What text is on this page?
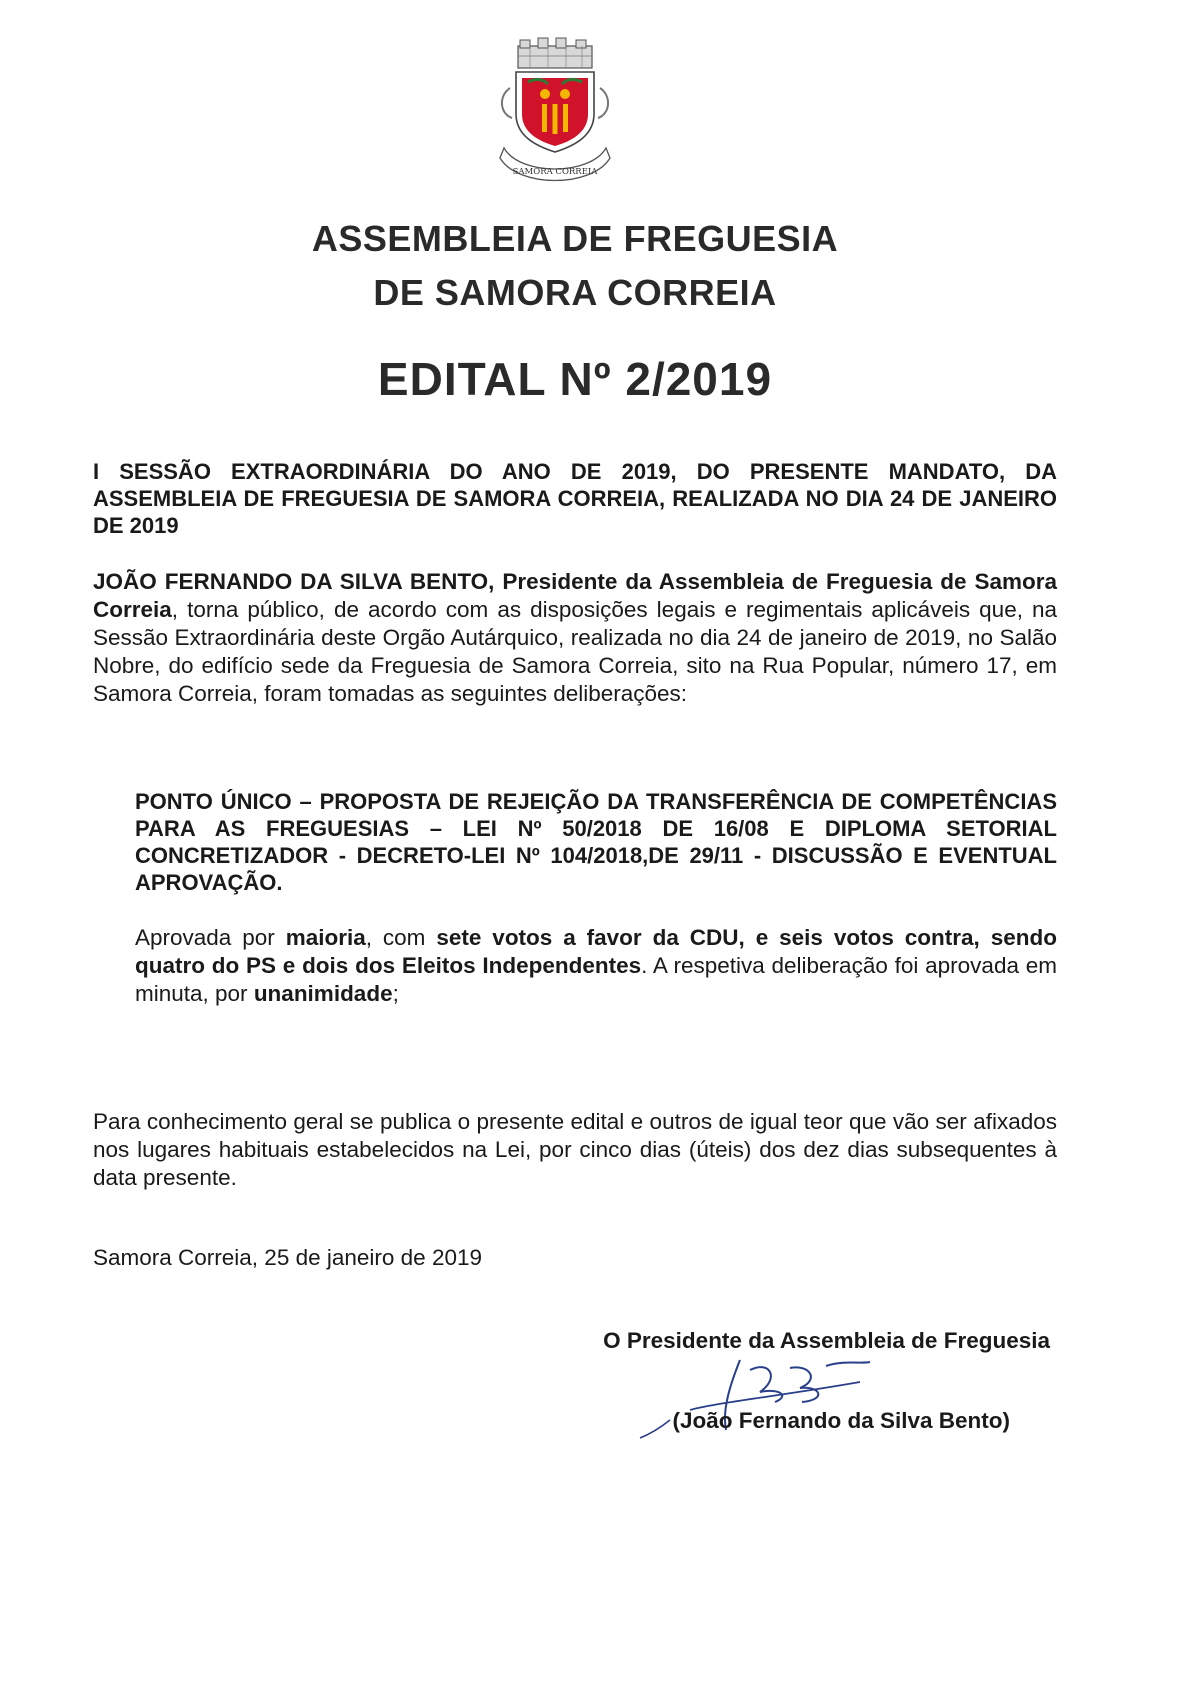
SAMORA CORREIA
ASSEMBLEIA DE FREGUESIA
DE SAMORA CORREIA
EDITAL Nº 2/2019
I SESSÃO EXTRAORDINÁRIA DO ANO DE 2019, DO PRESENTE MANDATO, DA ASSEMBLEIA DE FREGUESIA DE SAMORA CORREIA, REALIZADA NO DIA 24 DE JANEIRO DE 2019
JOÃO FERNANDO DA SILVA BENTO, Presidente da Assembleia de Freguesia de Samora Correia, torna público, de acordo com as disposições legais e regimentais aplicáveis que, na Sessão Extraordinária deste Orgão Autárquico, realizada no dia 24 de janeiro de 2019, no Salão Nobre, do edifício sede da Freguesia de Samora Correia, sito na Rua Popular, número 17, em Samora Correia, foram tomadas as seguintes deliberações:
PONTO ÚNICO – PROPOSTA DE REJEIÇÃO DA TRANSFERÊNCIA DE COMPETÊNCIAS PARA AS FREGUESIAS – LEI Nº 50/2018 DE 16/08 E DIPLOMA SETORIAL CONCRETIZADOR - DECRETO-LEI Nº 104/2018,DE 29/11 - DISCUSSÃO E EVENTUAL APROVAÇÃO.
Aprovada por maioria, com sete votos a favor da CDU, e seis votos contra, sendo quatro do PS e dois dos Eleitos Independentes. A respetiva deliberação foi aprovada em minuta, por unanimidade;
Para conhecimento geral se publica o presente edital e outros de igual teor que vão ser afixados nos lugares habituais estabelecidos na Lei, por cinco dias (úteis) dos dez dias subsequentes à data presente.
Samora Correia, 25 de janeiro de 2019
O Presidente da Assembleia de Freguesia
(João Fernando da Silva Bento)
